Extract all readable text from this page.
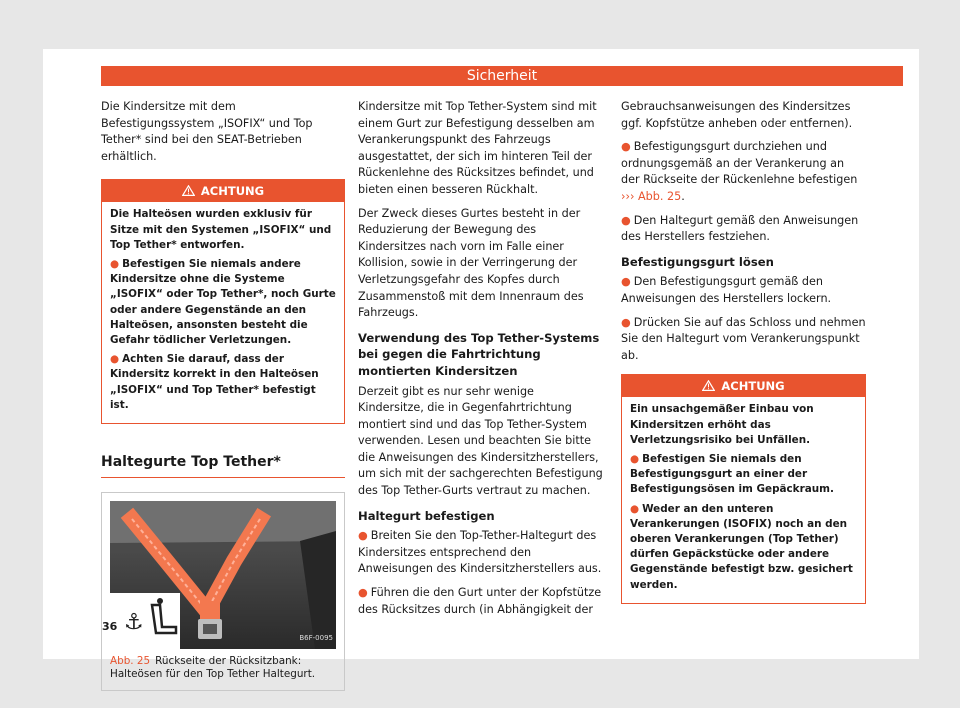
Sicherheit

Die Kindersitze mit dem Befestigungssystem „ISOFIX“ und Top Tether* sind bei den SEAT-Betrieben erhältlich.

ACHTUNG

Die Halteösen wurden exklusiv für Sitze mit den Systemen „ISOFIX“ und Top Tether* entworfen.

● Befestigen Sie niemals andere Kindersitze ohne die Systeme „ISOFIX“ oder Top Tether*, noch Gurte oder andere Gegenstände an den Halteösen, ansonsten besteht die Gefahr tödlicher Verletzungen.

● Achten Sie darauf, dass der Kindersitz korrekt in den Halteösen „ISOFIX“ und Top Tether* befestigt ist.

Haltegurte Top Tether*
⚓
B6F-0095
Abb. 25 Rückseite der Rücksitzbank: Halteösen für den Top Tether Haltegurt.

Kindersitze mit Top Tether-System sind mit einem Gurt zur Befestigung desselben am Verankerungspunkt des Fahrzeugs ausgestattet, der sich im hinteren Teil der Rückenlehne des Rücksitzes befindet, und bieten einen besseren Rückhalt.

Der Zweck dieses Gurtes besteht in der Reduzierung der Bewegung des Kindersitzes nach vorn im Falle einer Kollision, sowie in der Verringerung der Verletzungsgefahr des Kopfes durch Zusammenstoß mit dem Innenraum des Fahrzeugs.

Verwendung des Top Tether-Systems bei gegen die Fahrtrichtung montierten Kindersitzen

Derzeit gibt es nur sehr wenige Kindersitze, die in Gegenfahrtrichtung montiert sind und das Top Tether-System verwenden. Lesen und beachten Sie bitte die Anweisungen des Kindersitzherstellers, um sich mit der sachgerechten Befestigung des Top Tether-Gurts vertraut zu machen.

Haltegurt befestigen

● Breiten Sie den Top-Tether-Haltegurt des Kindersitzes entsprechend den Anweisungen des Kindersitzherstellers aus.

● Führen die den Gurt unter der Kopfstütze des Rücksitzes durch (in Abhängigkeit der

Gebrauchsanweisungen des Kindersitzes ggf. Kopfstütze anheben oder entfernen).

● Befestigungsgurt durchziehen und ordnungsgemäß an der Verankerung an der Rückseite der Rückenlehne befestigen ››› Abb. 25.

● Den Haltegurt gemäß den Anweisungen des Herstellers festziehen.

Befestigungsgurt lösen

● Den Befestigungsgurt gemäß den Anweisungen des Herstellers lockern.

● Drücken Sie auf das Schloss und nehmen Sie den Haltegurt vom Verankerungspunkt ab.

ACHTUNG

Ein unsachgemäßer Einbau von Kindersitzen erhöht das Verletzungsrisiko bei Unfällen.

● Befestigen Sie niemals den Befestigungsgurt an einer der Befestigungsösen im Gepäckraum.

● Weder an den unteren Verankerungen (ISOFIX) noch an den oberen Verankerungen (Top Tether) dürfen Gepäckstücke oder andere Gegenstände befestigt bzw. gesichert werden.

36
